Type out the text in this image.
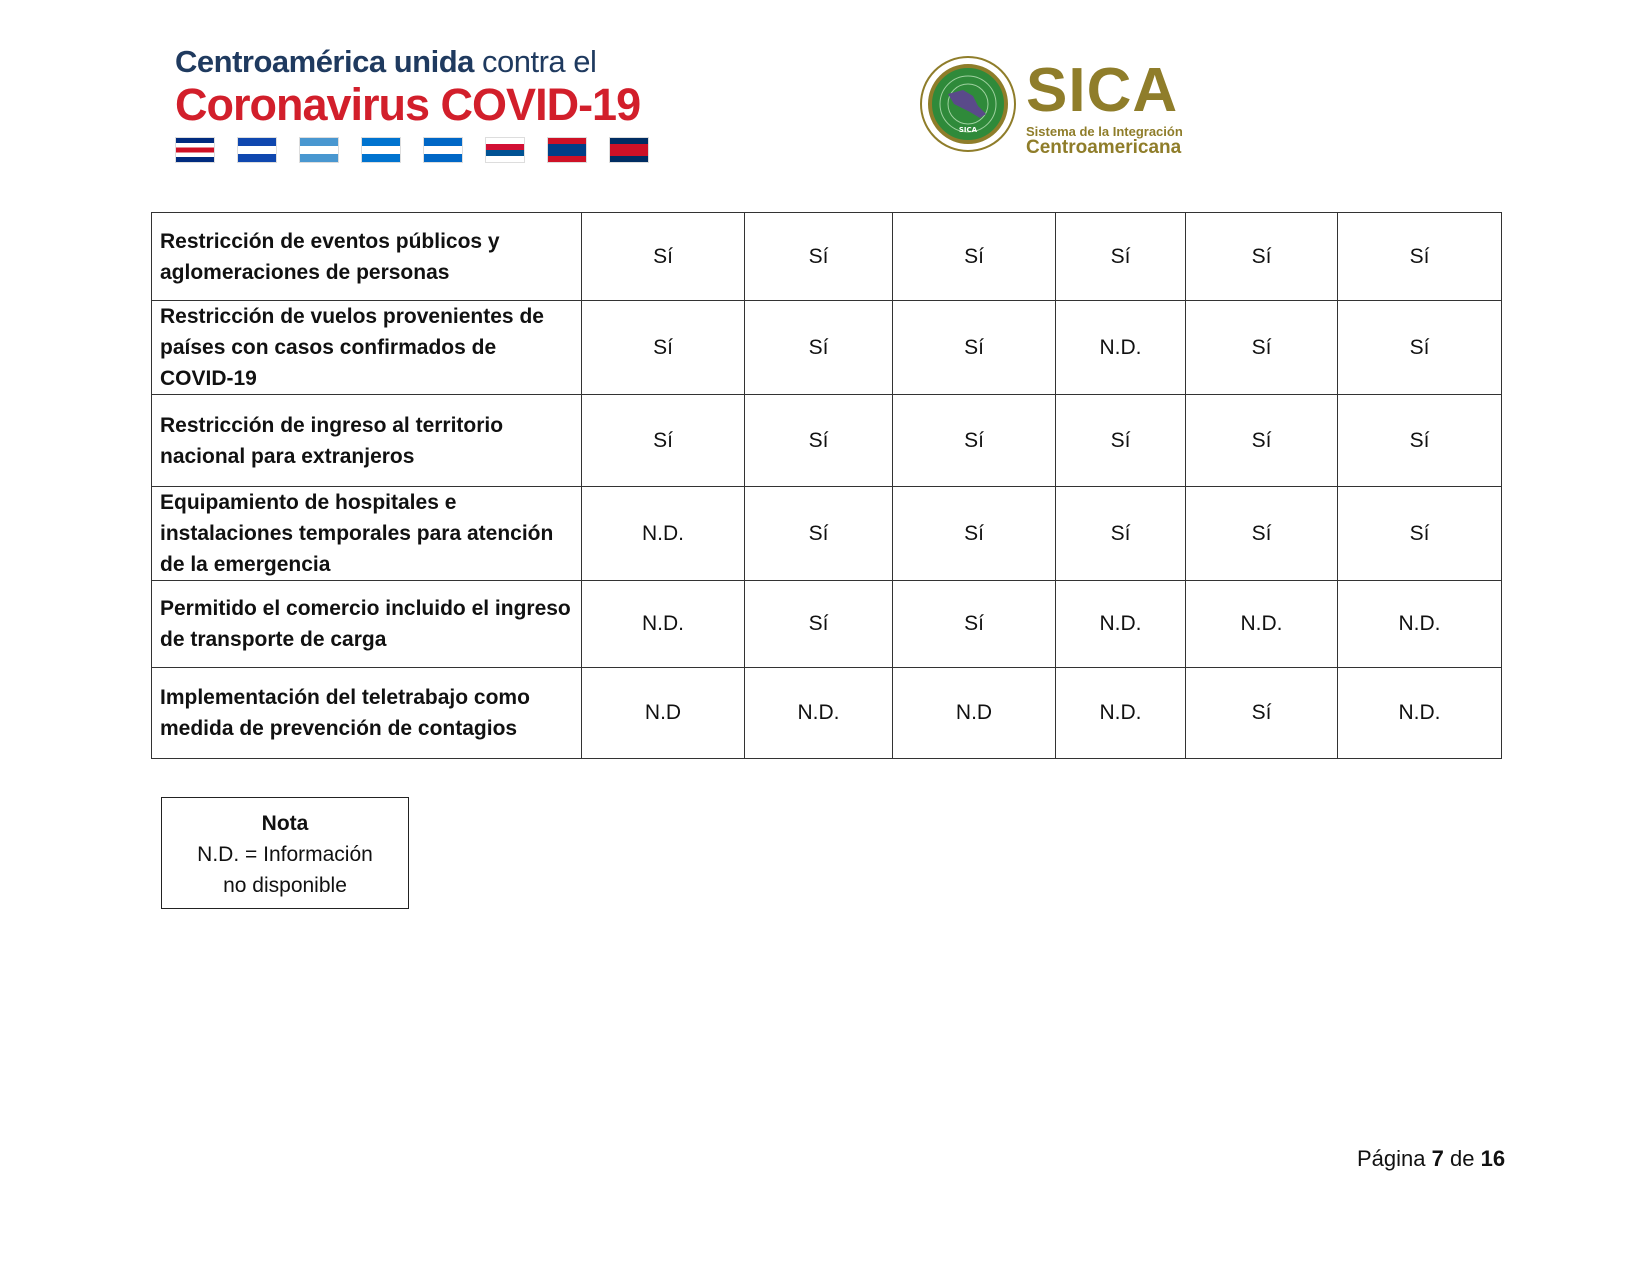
Centroamérica unida contra el
Coronavirus COVID-19	SICA
SICA
Sistema de la Integración
Centroamericana
Restricción de eventos públicos y aglomeraciones de personas	Sí	Sí	Sí	Sí	Sí	Sí
Restricción de vuelos provenientes de países con casos confirmados de COVID-19	Sí	Sí	Sí	N.D.	Sí	Sí
Restricción de ingreso al territorio nacional para extranjeros	Sí	Sí	Sí	Sí	Sí	Sí
Equipamiento de hospitales e instalaciones temporales para atención de la emergencia	N.D.	Sí	Sí	Sí	Sí	Sí
Permitido el comercio incluido el ingreso de transporte de carga	N.D.	Sí	Sí	N.D.	N.D.	N.D.
Implementación del teletrabajo como medida de prevención de contagios	N.D	N.D.	N.D	N.D.	Sí	N.D.
Nota
N.D. = Información
no disponible
Página 7 de 16
